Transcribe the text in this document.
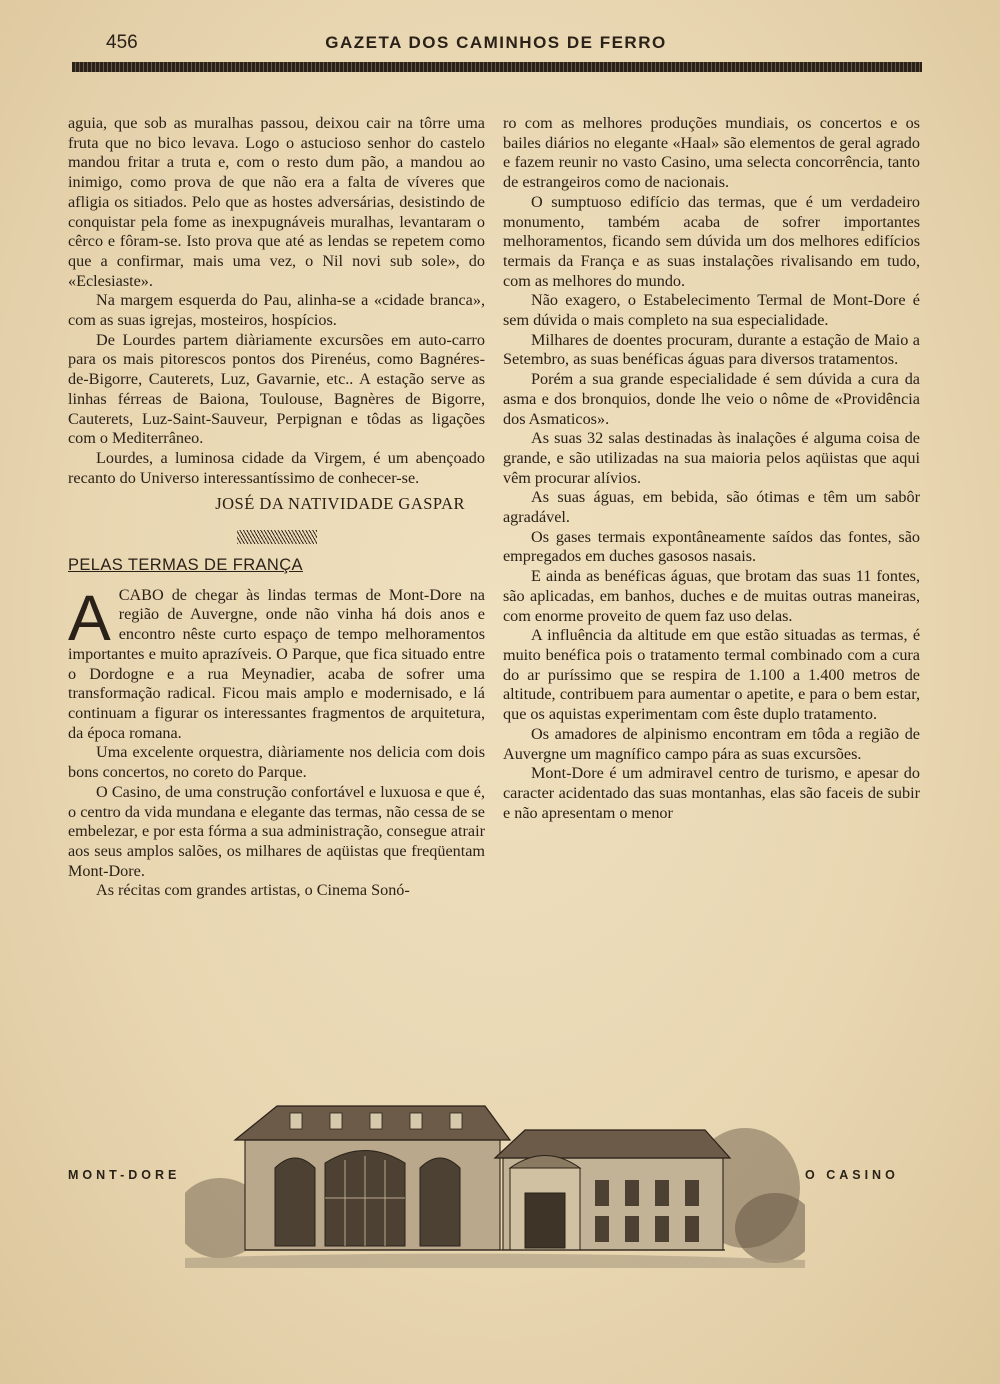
456	GAZETA DOS CAMINHOS DE FERRO

aguia, que sob as muralhas passou, deixou cair na tôrre uma fruta que no bico levava. Logo o astucioso senhor do castelo mandou fritar a truta e, com o resto dum pão, a mandou ao inimigo, como prova de que não era a falta de víveres que afligia os sitiados. Pelo que as hostes adversárias, desistindo de conquistar pela fome as inexpugnáveis muralhas, levantaram o cêrco e fôram-se. Isto prova que até as lendas se repetem como que a confirmar, mais uma vez, o Nil novi sub sole», do «Eclesiaste».

Na margem esquerda do Pau, alinha-se a «cidade branca», com as suas igrejas, mosteiros, hospícios.

De Lourdes partem diàriamente excursões em auto-carro para os mais pitorescos pontos dos Pirenéus, como Bagnéres-de-Bigorre, Cauterets, Luz, Gavarnie, etc.. A estação serve as linhas férreas de Baiona, Toulouse, Bagnères de Bigorre, Cauterets, Luz-Saint-Sauveur, Perpignan e tôdas as ligações com o Mediterrâneo.

Lourdes, a luminosa cidade da Virgem, é um abençoado recanto do Universo interessantíssimo de conhecer-se.

JOSÉ DA NATIVIDADE GASPAR
PELAS TERMAS DE FRANÇA

ACABO de chegar às lindas termas de Mont-Dore na região de Auvergne, onde não vinha há dois anos e encontro nêste curto espaço de tempo melhoramentos importantes e muito aprazíveis. O Parque, que fica situado entre o Dordogne e a rua Meynadier, acaba de sofrer uma transformação radical. Ficou mais amplo e modernisado, e lá continuam a figurar os interessantes fragmentos de arquitetura, da época romana.

Uma excelente orquestra, diàriamente nos delicia com dois bons concertos, no coreto do Parque.

O Casino, de uma construção confortável e luxuosa e que é, o centro da vida mundana e elegante das termas, não cessa de se embelezar, e por esta fórma a sua administração, consegue atrair aos seus amplos salões, os milhares de aqüistas que freqüentam Mont-Dore.

As récitas com grandes artistas, o Cinema Sonó-

ro com as melhores produções mundiais, os concertos e os bailes diários no elegante «Haal» são elementos de geral agrado e fazem reunir no vasto Casino, uma selecta concorrência, tanto de estrangeiros como de nacionais.

O sumptuoso edifício das termas, que é um verdadeiro monumento, também acaba de sofrer importantes melhoramentos, ficando sem dúvida um dos melhores edifícios termais da França e as suas instalações rivalisando em tudo, com as melhores do mundo.

Não exagero, o Estabelecimento Termal de Mont-Dore é sem dúvida o mais completo na sua especialidade.

Milhares de doentes procuram, durante a estação de Maio a Setembro, as suas benéficas águas para diversos tratamentos.

Porém a sua grande especialidade é sem dúvida a cura da asma e dos bronquios, donde lhe veio o nôme de «Providência dos Asmaticos».

As suas 32 salas destinadas às inalações é alguma coisa de grande, e são utilizadas na sua maioria pelos aqüistas que aqui vêm procurar alívios.

As suas águas, em bebida, são ótimas e têm um sabôr agradável.

Os gases termais expontâneamente saídos das fontes, são empregados em duches gasosos nasais.

E ainda as benéficas águas, que brotam das suas 11 fontes, são aplicadas, em banhos, duches e de muitas outras maneiras, com enorme proveito de quem faz uso delas.

A influência da altitude em que estão situadas as termas, é muito benéfica pois o tratamento termal combinado com a cura do ar puríssimo que se respira de 1.100 a 1.400 metros de altitude, contribuem para aumentar o apetite, e para o bem estar, que os aquistas experimentam com êste duplo tratamento.

Os amadores de alpinismo encontram em tôda a região de Auvergne um magnífico campo pára as suas excursões.

Mont-Dore é um admiravel centro de turismo, e apesar do caracter acidentado das suas montanhas, elas são faceis de subir e não apresentam o menor

MONT-DORE	O CASINO
